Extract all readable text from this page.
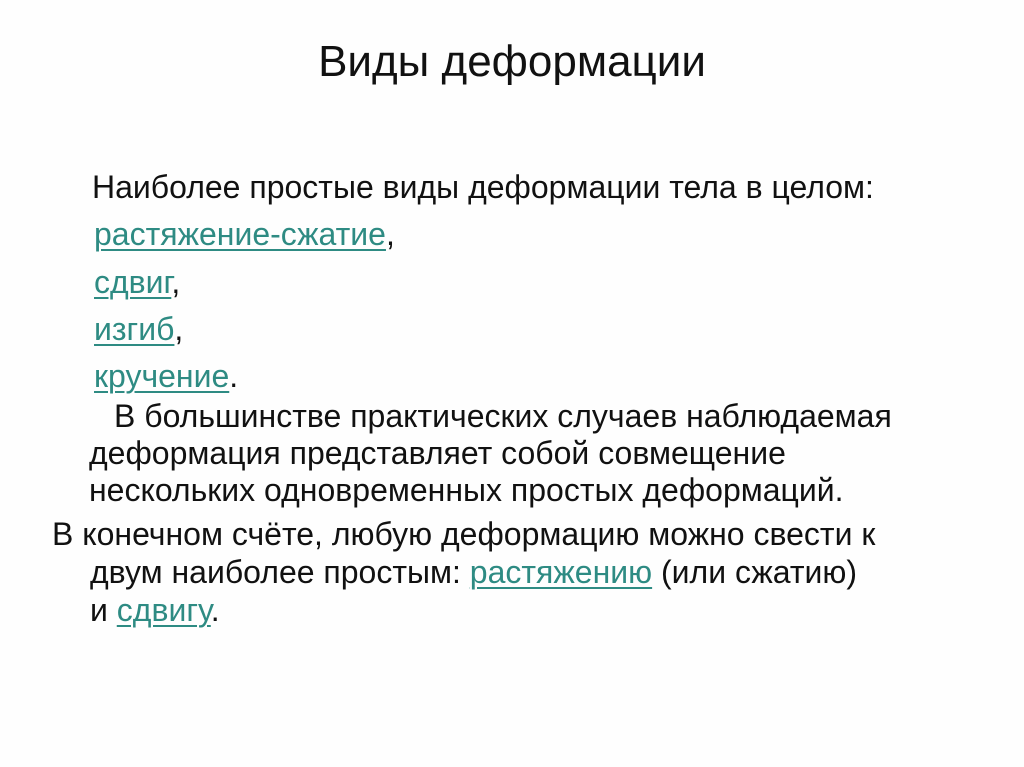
Виды деформации
Наиболее простые виды деформации тела в целом:
растяжение-сжатие,
сдвиг,
изгиб,
кручение.
В большинстве практических случаев наблюдаемая
деформация представляет собой совмещение
нескольких одновременных простых деформаций.
В конечном счёте, любую деформацию можно свести к
двум наиболее простым: растяжению (или сжатию)
и сдвигу.
